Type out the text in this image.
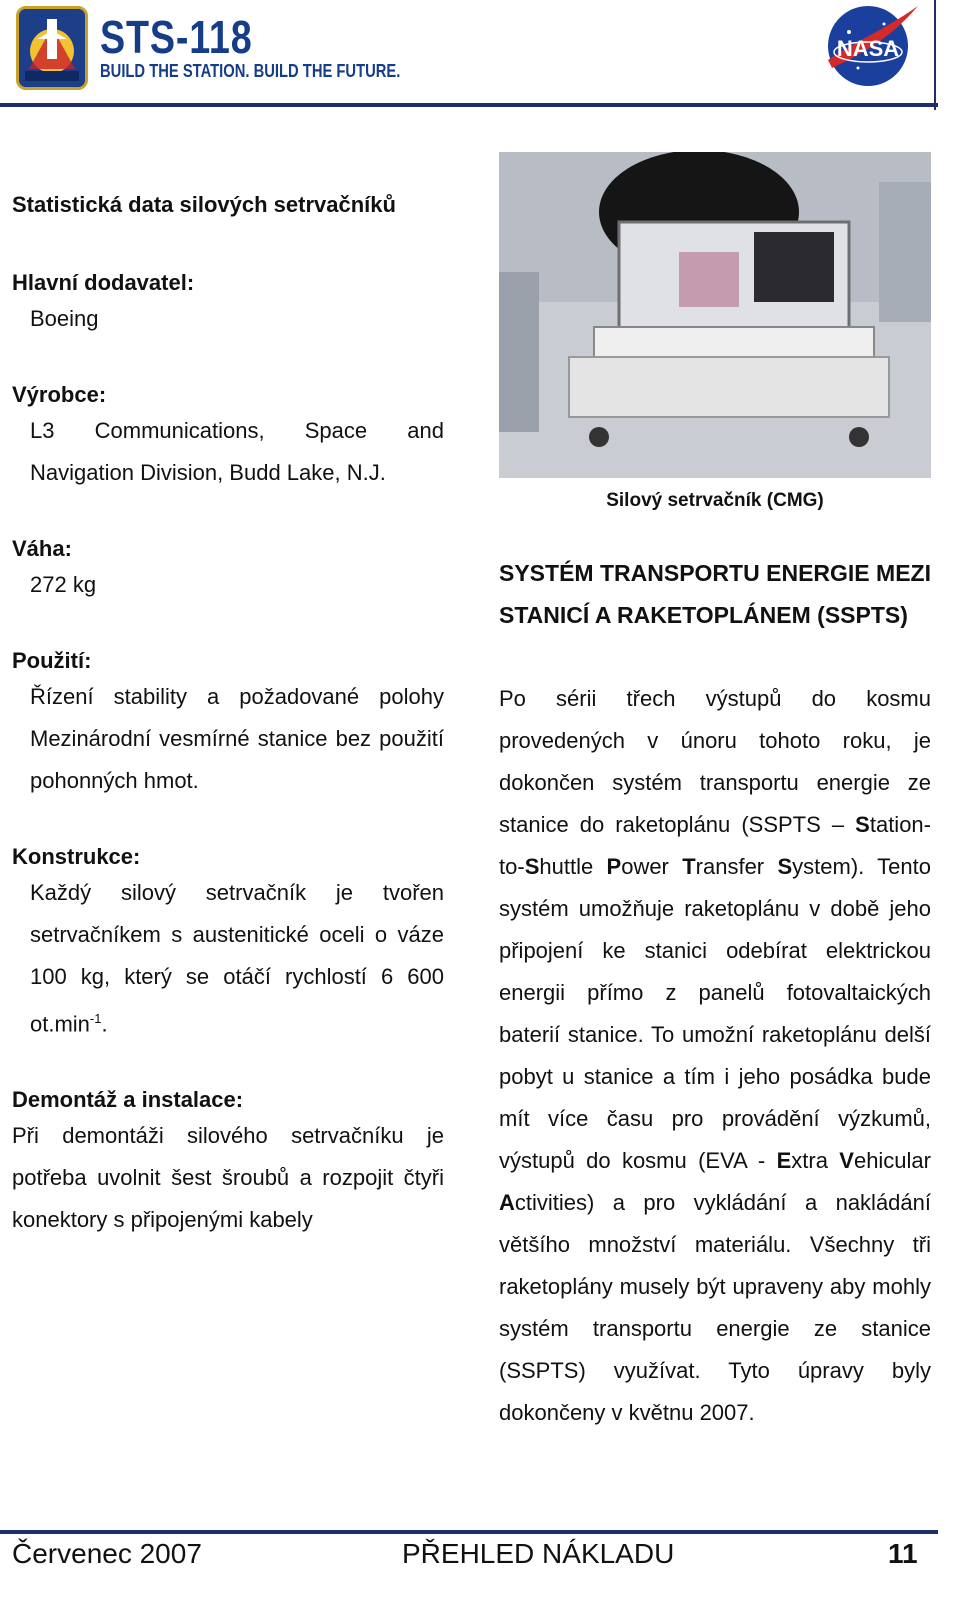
STS-118
BUILD THE STATION. BUILD THE FUTURE.
NASA
Statistická data silových setrvačníků
Hlavní dodavatel:
Boeing
Výrobce:
L3 Communications, Space and Navigation Division, Budd Lake, N.J.
Váha:
272 kg
Použití:
Řízení stability a požadované polohy Mezinárodní vesmírné stanice bez použití pohonných hmot.
Konstrukce:
Každý silový setrvačník je tvořen setrvačníkem s austenitické oceli o váze 100 kg, který se otáčí rychlostí 6 600 $ot.\min^{-1}$.
Demontáž a instalace:
Při demontáži silového setrvačníku je potřeba uvolnit šest šroubů a rozpojit čtyři konektory s připojenými kabely
Silový setrvačník (CMG)
SYSTÉM TRANSPORTU ENERGIE MEZI STANICÍ A RAKETOPLÁNEM (SSPTS)
Po sérii třech výstupů do kosmu provedených v únoru tohoto roku, je dokončen systém transportu energie ze stanice do raketoplánu (SSPTS – Station-to-Shuttle Power Transfer System). Tento systém umožňuje raketoplánu v době jeho připojení ke stanici odebírat elektrickou energii přímo z panelů fotovaltaických baterií stanice. To umožní raketoplánu delší pobyt u stanice a tím i jeho posádka bude mít více času pro provádění výzkumů, výstupů do kosmu (EVA - Extra Vehicular Activities) a pro vykládání a nakládání většího množství materiálu. Všechny tři raketoplány musely být upraveny aby mohly systém transportu energie ze stanice (SSPTS) využívat. Tyto úpravy byly dokončeny v květnu 2007.
Červenec 2007	PŘEHLED NÁKLADU	11
